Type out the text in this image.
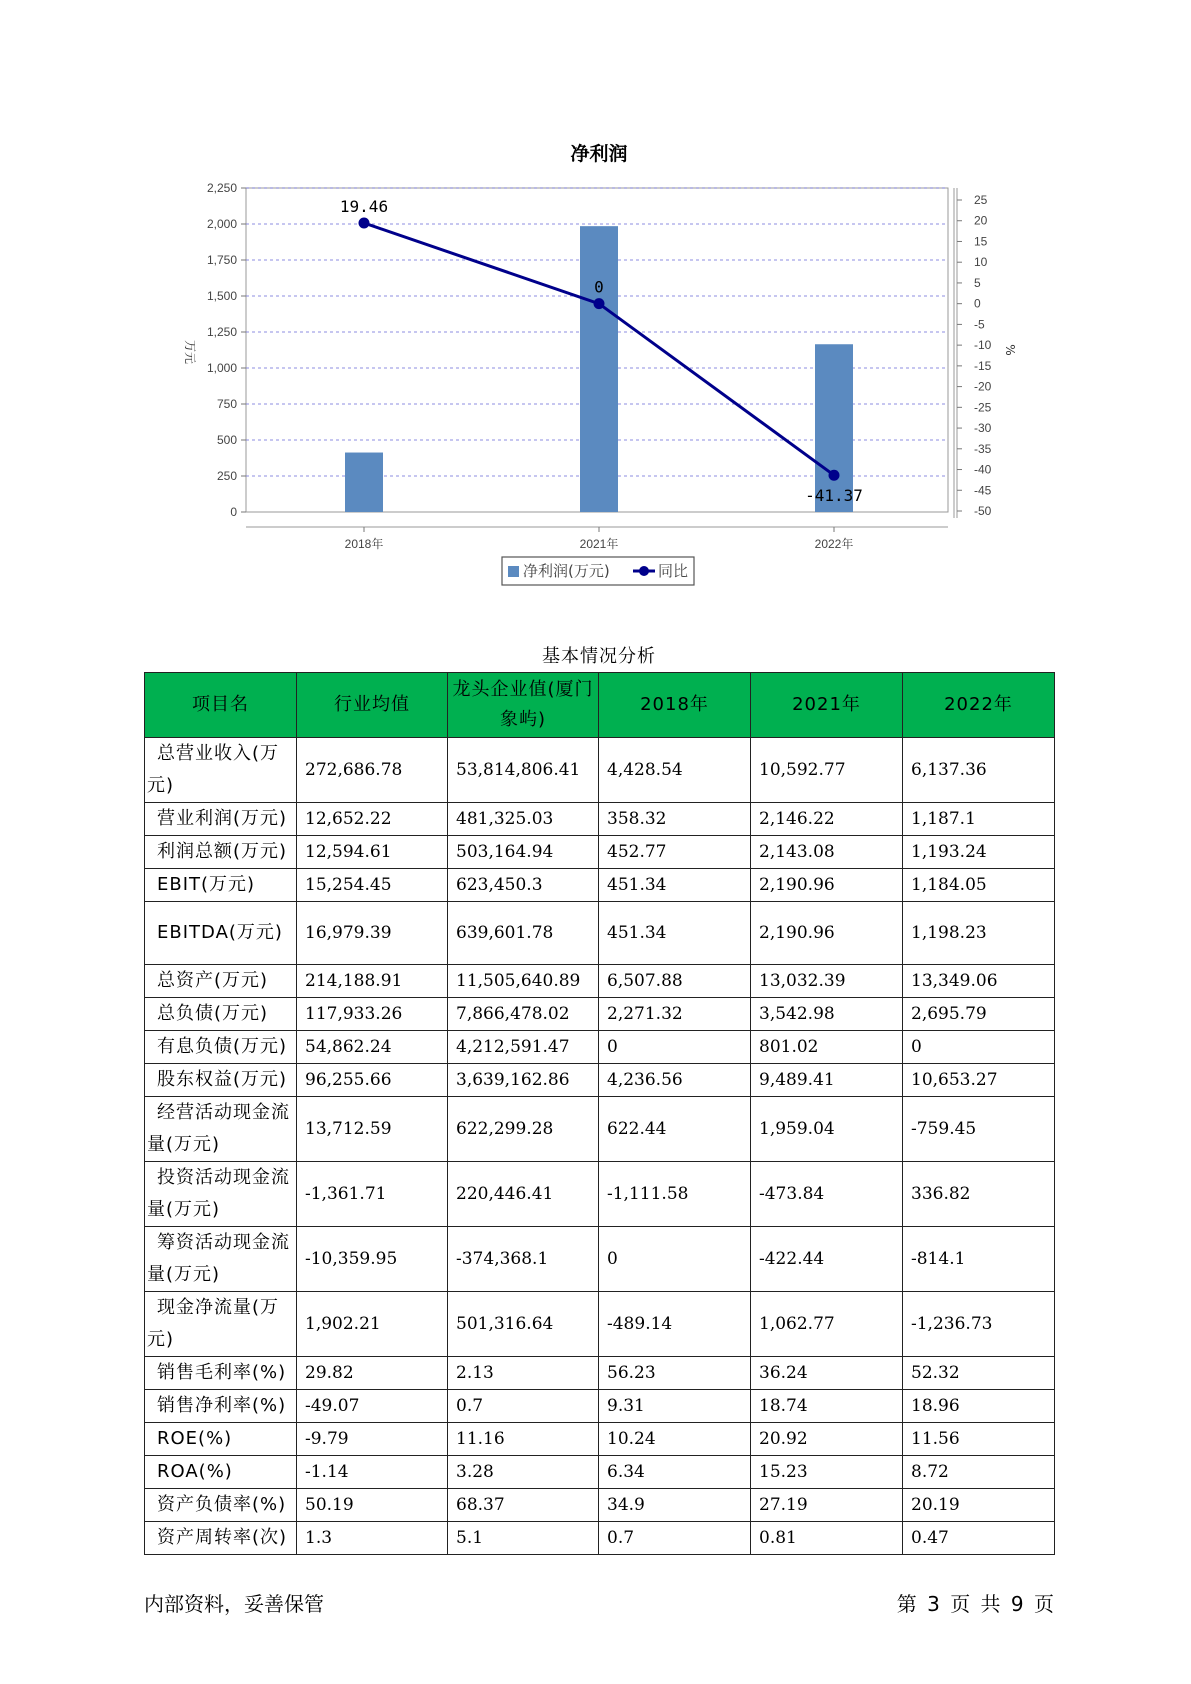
净利润
0
250
500
750
1,000
1,250
1,500
1,750
2,000
2,250
-50
-45
-40
-35
-30
-25
-20
-15
-10
-5
0
5
10
15
20
25
2018年	2021年	2022年
19.46
0
-41.37
净利润(万元)	同比
万元	%
基本情况分析
项目名	行业均值	龙头企业值(厦门象屿)	2018年	2021年	2022年
总营业收入(万元)	272,686.78	53,814,806.41	4,428.54	10,592.77	6,137.36
营业利润(万元)	12,652.22	481,325.03	358.32	2,146.22	1,187.1
利润总额(万元)	12,594.61	503,164.94	452.77	2,143.08	1,193.24
EBIT(万元)	15,254.45	623,450.3	451.34	2,190.96	1,184.05
EBITDA(万元)	16,979.39	639,601.78	451.34	2,190.96	1,198.23
总资产(万元)	214,188.91	11,505,640.89	6,507.88	13,032.39	13,349.06
总负债(万元)	117,933.26	7,866,478.02	2,271.32	3,542.98	2,695.79
有息负债(万元)	54,862.24	4,212,591.47	0	801.02	0
股东权益(万元)	96,255.66	3,639,162.86	4,236.56	9,489.41	10,653.27
经营活动现金流量(万元)	13,712.59	622,299.28	622.44	1,959.04	-759.45
投资活动现金流量(万元)	-1,361.71	220,446.41	-1,111.58	-473.84	336.82
筹资活动现金流量(万元)	-10,359.95	-374,368.1	0	-422.44	-814.1
现金净流量(万元)	1,902.21	501,316.64	-489.14	1,062.77	-1,236.73
销售毛利率(%)	29.82	2.13	56.23	36.24	52.32
销售净利率(%)	-49.07	0.7	9.31	18.74	18.96
ROE(%)	-9.79	11.16	10.24	20.92	11.56
ROA(%)	-1.14	3.28	6.34	15.23	8.72
资产负债率(%)	50.19	68.37	34.9	27.19	20.19
资产周转率(次)	1.3	5.1	0.7	0.81	0.47
内部资料，妥善保管	第 3 页 共 9 页
